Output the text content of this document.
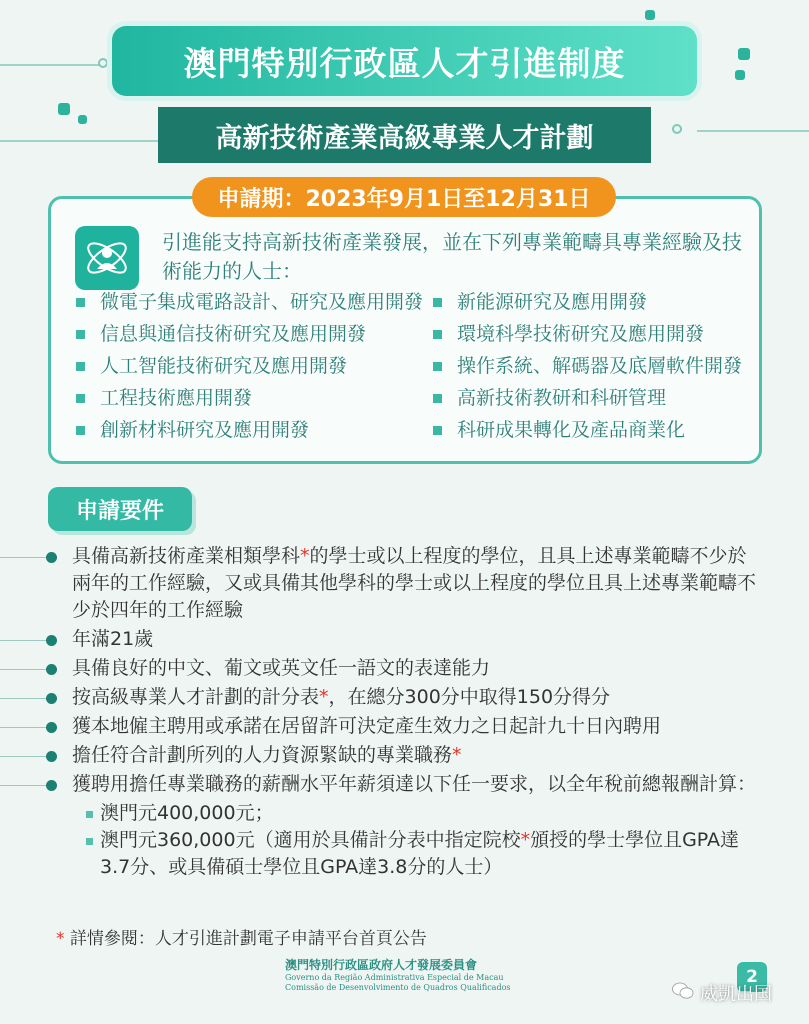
澳門特別行政區人才引進制度
高新技術產業高級專業人才計劃
申請期：2023年9月1日至12月31日
引進能支持高新技術產業發展，並在下列專業範疇具專業經驗及技術能力的人士：
微電子集成電路設計、研究及應用開發
信息與通信技術研究及應用開發
人工智能技術研究及應用開發
工程技術應用開發
創新材料研究及應用開發
新能源研究及應用開發
環境科學技術研究及應用開發
操作系統、解碼器及底層軟件開發
高新技術教研和科研管理
科研成果轉化及產品商業化
申請要件
具備高新技術產業相類學科*的學士或以上程度的學位，且具上述專業範疇不少於兩年的工作經驗，又或具備其他學科的學士或以上程度的學位且具上述專業範疇不少於四年的工作經驗
年滿21歲
具備良好的中文、葡文或英文任一語文的表達能力
按高級專業人才計劃的計分表*，在總分300分中取得150分得分
獲本地僱主聘用或承諾在居留許可決定產生效力之日起計九十日內聘用
擔任符合計劃所列的人力資源緊缺的專業職務*
獲聘用擔任專業職務的薪酬水平年薪須達以下任一要求，以全年稅前總報酬計算：
澳門元400,000元；
澳門元360,000元（適用於具備計分表中指定院校*頒授的學士學位且GPA達3.7分、或具備碩士學位且GPA達3.8分的人士）
* 詳情參閱：人才引進計劃電子申請平台首頁公告
澳門特別行政區政府人才發展委員會
Governo da Região Administrativa Especial de Macau
Comissão de Desenvolvimento de Quadros Qualificados
2
威凱出国
